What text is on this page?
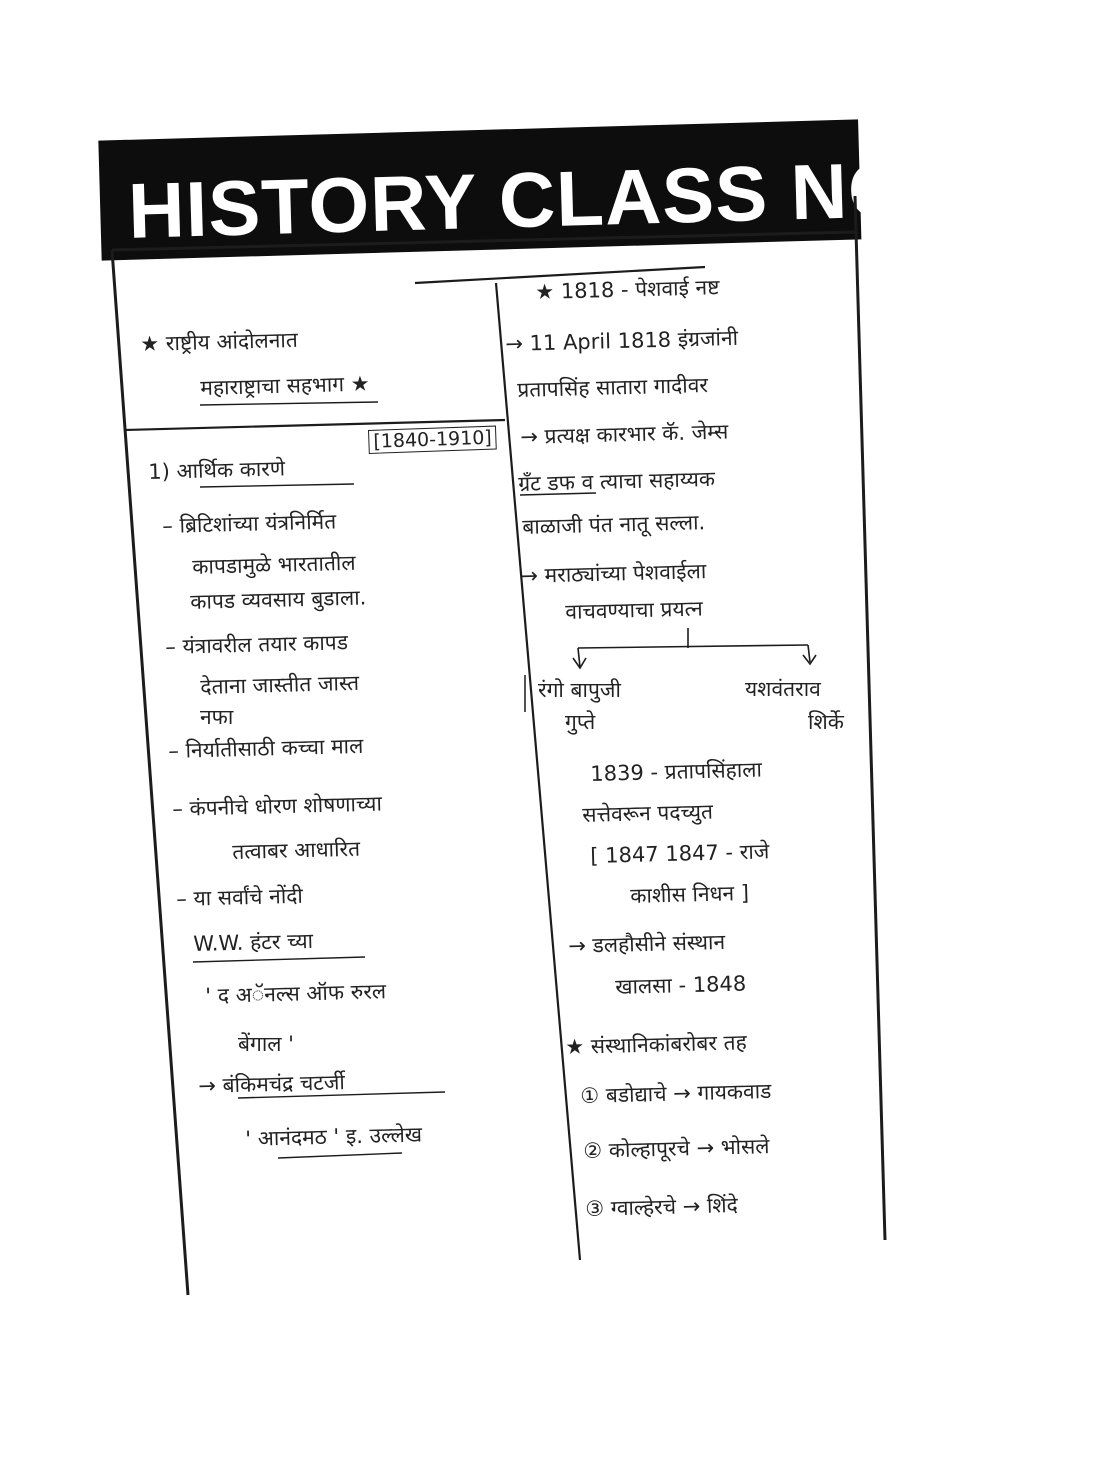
HISTORY CLASS NOTES
★ राष्ट्रीय आंदोलनात
महाराष्ट्राचा सहभाग ★
[1840-1910]
1) आर्थिक कारणे
– ब्रिटिशांच्या यंत्रनिर्मित
कापडामुळे भारतातील
कापड व्यवसाय बुडाला.
– यंत्रावरील तयार कापड
देताना जास्तीत जास्त
नफा
– निर्यातीसाठी कच्चा माल
– कंपनीचे धोरण शोषणाच्या
तत्वाबर आधारित
– या सर्वांचे नोंदी
W.W. हंटर च्या
' द अॅनल्स ऑफ रुरल
बेंगाल '
→ बंकिमचंद्र चटर्जी
' आनंदमठ ' इ. उल्लेख
★ 1818 - पेशवाई नष्ट
→ 11 April 1818 इंग्रजांनी
प्रतापसिंह सातारा गादीवर
→ प्रत्यक्ष कारभार कॅ. जेम्स
ग्रँट डफ व त्याचा सहाय्यक
बाळाजी पंत नातू सल्ला.
→ मराठ्यांच्या पेशवाईला
वाचवण्याचा प्रयत्न
रंगो बापुजी
गुप्ते
यशवंतराव
शिर्के
1839 - प्रतापसिंहाला
सत्तेवरून पदच्युत
[ 1847 1847 - राजे
काशीस निधन ]
→ डलहौसीने संस्थान
खालसा - 1848
★ संस्थानिकांबरोबर तह
① बडोद्याचे → गायकवाड
② कोल्हापूरचे → भोसले
③ ग्वाल्हेरचे → शिंदे
